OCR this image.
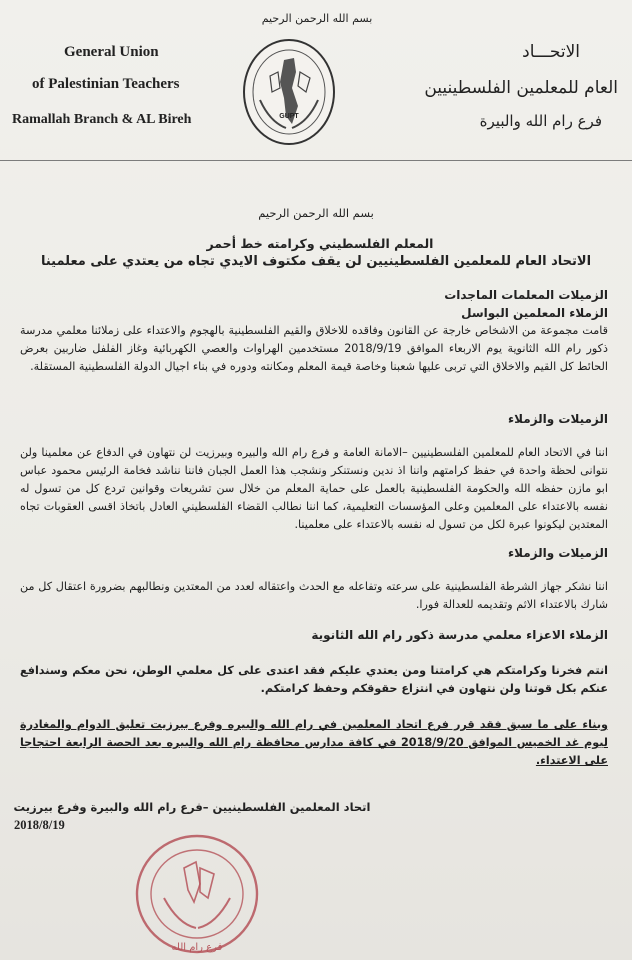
بسم الله الرحمن الرحيم
General Union
of Palestinian Teachers
Ramallah Branch & AL Bireh
الاتحـــاد
العام للمعلمين الفلسطينيين
فرع رام الله والبيرة
GUPT
بسم الله الرحمن الرحيم
المعلم الفلسطيني وكرامته خط أحمر
الاتحاد العام للمعلمين الفلسطينيين لن يقف مكتوف الايدي تجاه من يعتدي على معلمينا
الزميلات المعلمات الماجدات
الزملاء المعلمين البواسل
قامت مجموعة من الاشخاص خارجة عن القانون وفاقده للاخلاق والقيم الفلسطينية بالهجوم والاعتداء على زملائنا معلمي مدرسة ذكور رام الله الثانوية يوم الاربعاء الموافق 2018/9/19 مستخدمين الهراوات والعصي الكهربائية وغاز الفلفل ضاربين بعرض الحائط كل القيم والاخلاق التي تربى عليها شعبنا وخاصة قيمة المعلم ومكانته ودوره في بناء اجيال الدولة الفلسطينية المستقلة.
الزميلات والزملاء
اننا في الاتحاد العام للمعلمين الفلسطينيين –الامانة العامة و فرع رام الله والبيره وبيرزيت لن نتهاون في الدفاع عن معلمينا ولن نتوانى لحظة واحدة في حفظ كرامتهم واننا اذ ندين ونستنكر ونشجب هذا العمل الجبان فاننا نناشد فخامة الرئيس محمود عباس ابو مازن حفظه الله والحكومة الفلسطينية بالعمل على حماية المعلم من خلال سن تشريعات وقوانين تردع كل من تسول له نفسه بالاعتداء على المعلمين وعلى المؤسسات التعليمية، كما اننا نطالب القضاء الفلسطيني العادل باتخاذ اقسى العقوبات تجاه المعتدين ليكونوا عبرة لكل من تسول له نفسه بالاعتداء على معلمينا.
الزميلات والزملاء
اننا نشكر جهاز الشرطة الفلسطينية على سرعته وتفاعله مع الحدث واعتقاله لعدد من المعتدين ونطالبهم بضرورة اعتقال كل من شارك بالاعتداء الاثم وتقديمه للعدالة فورا.
الزملاء الاعزاء معلمي مدرسة ذكور رام الله الثانوية
انتم فخرنا وكرامتكم هي كرامتنا ومن يعتدي عليكم فقد اعتدى على كل معلمي الوطن، نحن معكم وسندافع عنكم بكل قوتنا ولن نتهاون في انتزاع حقوقكم وحفظ كرامتكم.
وبناء على ما سبق فقد قرر فرع اتحاد المعلمين في رام الله والبيره وفرع بيرزيت تعليق الدوام والمغادرة ليوم غد الخميس الموافق 2018/9/20 في كافة مدارس محافظة رام الله والبيره بعد الحصة الرابعة احتجاجا على الاعتداء.
اتحاد المعلمين الفلسطينيين –فرع رام الله والبيرة وفرع بيرزيت
2018/8/19
فرع رام الله
